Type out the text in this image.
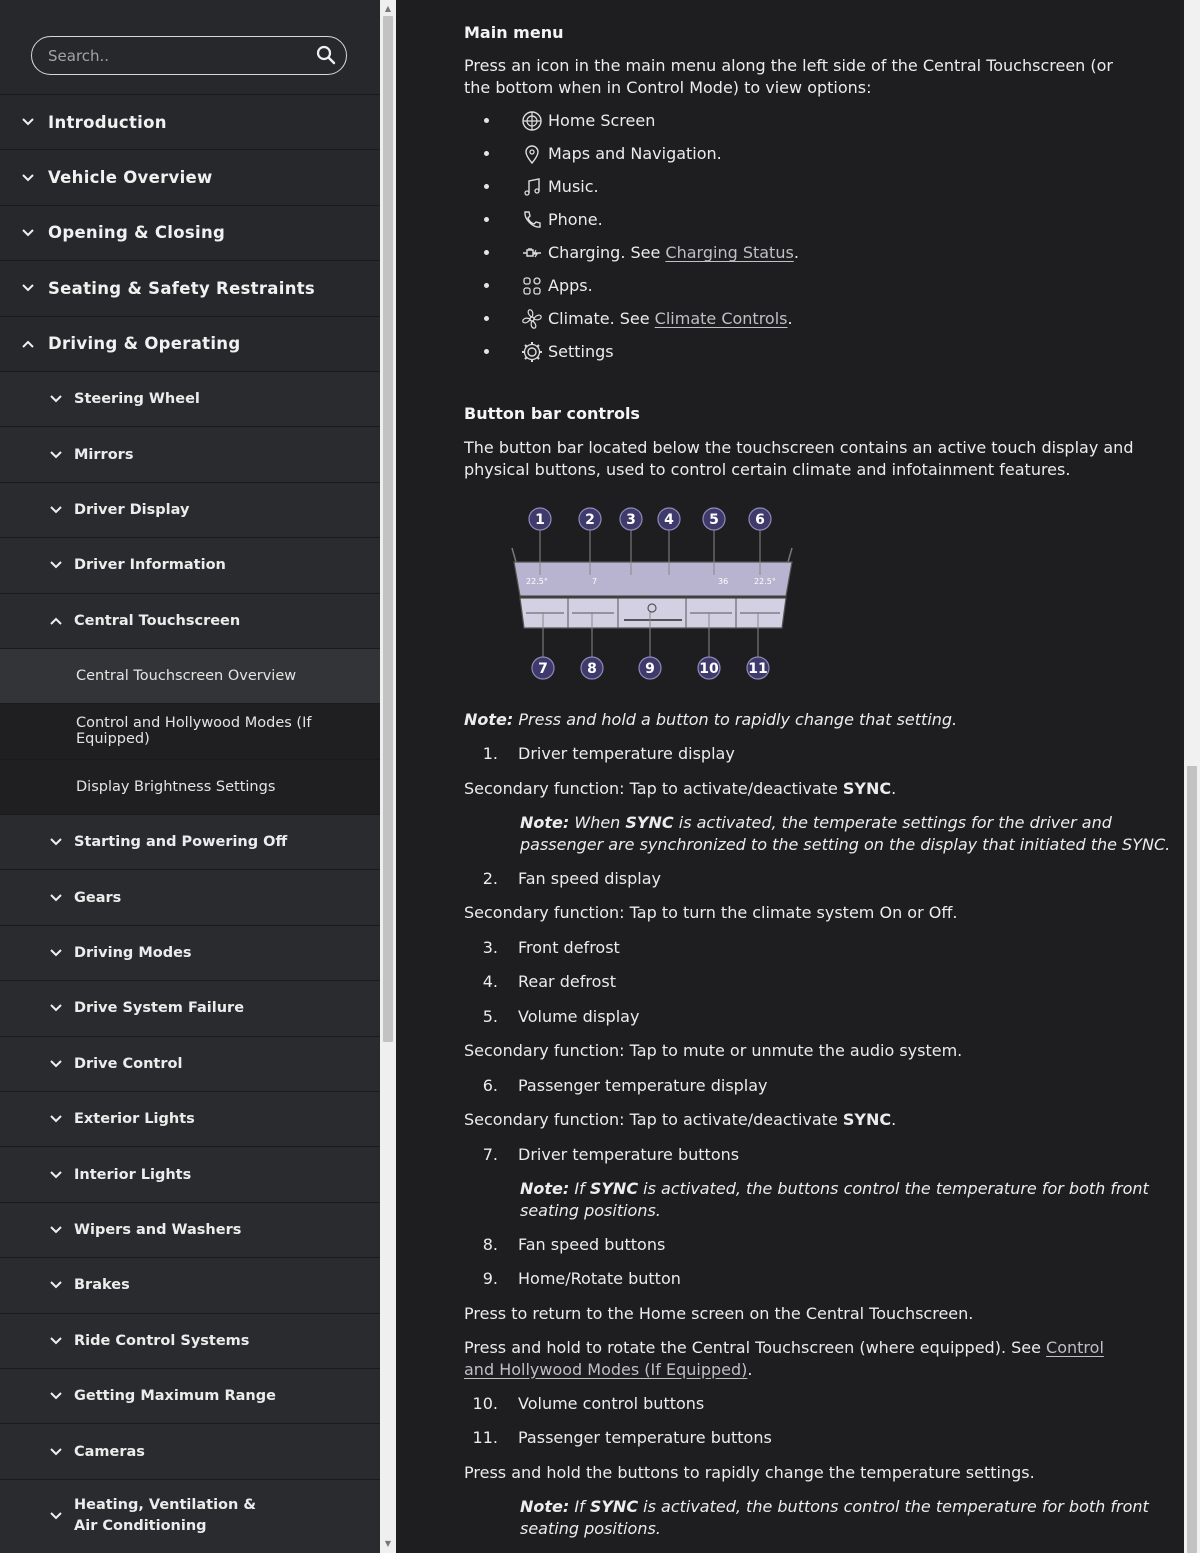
Search..
Introduction
Vehicle Overview
Opening & Closing
Seating & Safety Restraints
Driving & Operating
Steering Wheel
Mirrors
Driver Display
Driver Information
Central Touchscreen
Central Touchscreen Overview
Control and Hollywood Modes (If Equipped)
Display Brightness Settings
Starting and Powering Off
Gears
Driving Modes
Drive System Failure
Drive Control
Exterior Lights
Interior Lights
Wipers and Washers
Brakes
Ride Control Systems
Getting Maximum Range
Cameras
Heating, Ventilation & Air Conditioning
▲
▼
Main menu

Press an icon in the main menu along the left side of the Central Touchscreen (or the bottom when in Control Mode) to view options:

Home Screen
Maps and Navigation.
Music.
Phone.
Charging. See Charging Status.
Apps.
Climate. See Climate Controls.
Settings
Button bar controls

The button bar located below the touchscreen contains an active touch display and physical buttons, used to control certain climate and infotainment features.

22.5°	7	36	22.5°
1	2 3 4	5	6
7	8	9	10 11

Note: Press and hold a button to rapidly change that setting.

1. Driver temperature display

Secondary function: Tap to activate/deactivate SYNC.

Note: When SYNC is activated, the temperate settings for the driver and passenger are synchronized to the setting on the display that initiated the SYNC.

2. Fan speed display

Secondary function: Tap to turn the climate system On or Off.

3. Front defrost
4. Rear defrost
5. Volume display

Secondary function: Tap to mute or unmute the audio system.

6. Passenger temperature display

Secondary function: Tap to activate/deactivate SYNC.

7. Driver temperature buttons

Note: If SYNC is activated, the buttons control the temperature for both front seating positions.

8. Fan speed buttons
9. Home/Rotate button

Press to return to the Home screen on the Central Touchscreen.

Press and hold to rotate the Central Touchscreen (where equipped). See Control and Hollywood Modes (If Equipped).

10. Volume control buttons
11. Passenger temperature buttons

Press and hold the buttons to rapidly change the temperature settings.

Note: If SYNC is activated, the buttons control the temperature for both front seating positions.
